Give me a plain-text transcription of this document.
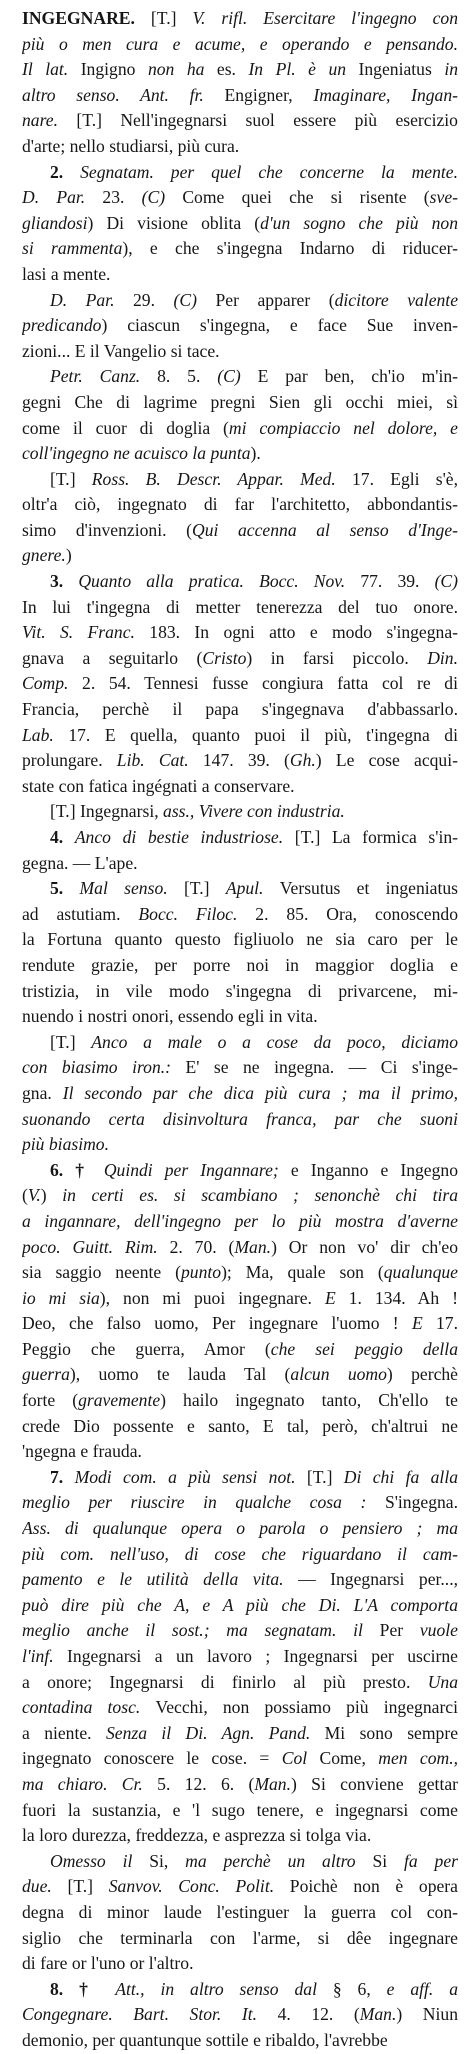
INGEGNARE. [T.] V. rifl. Esercitare l'ingegno con
più o men cura e acume, e operando e pensando.
Il lat. Ingigno non ha es. In Pl. è un Ingeniatus in
altro senso. Ant. fr. Engigner, Imaginare, Ingan-
nare. [T.] Nell'ingegnarsi suol essere più esercizio
d'arte; nello studiarsi, più cura.
2. Segnatam. per quel che concerne la mente.
D. Par. 23. (C) Come quei che si risente (sve-
gliandosi) Di visione oblita (d'un sogno che più non
si rammenta), e che s'ingegna Indarno di riducer-
lasi a mente.
D. Par. 29. (C) Per apparer (dicitore valente
predicando) ciascun s'ingegna, e face Sue inven-
zioni... E il Vangelio si tace.
Petr. Canz. 8. 5. (C) E par ben, ch'io m'in-
gegni Che di lagrime pregni Sien gli occhi miei, sì
come il cuor di doglia (mi compiaccio nel dolore, e
coll'ingegno ne acuisco la punta).
[T.] Ross. B. Descr. Appar. Med. 17. Egli s'è,
oltr'a ciò, ingegnato di far l'architetto, abbondantis-
simo d'invenzioni. (Qui accenna al senso d'Inge-
gnere.)
3. Quanto alla pratica. Bocc. Nov. 77. 39. (C)
In lui t'ingegna di metter tenerezza del tuo onore.
Vit. S. Franc. 183. In ogni atto e modo s'ingegna-
gnava a seguitarlo (Cristo) in farsi piccolo. Din.
Comp. 2. 54. Tennesi fusse congiura fatta col re di
Francia, perchè il papa s'ingegnava d'abbassarlo.
Lab. 17. E quella, quanto puoi il più, t'ingegna di
prolungare. Lib. Cat. 147. 39. (Gh.) Le cose acqui-
state con fatica ingégnati a conservare.
[T.] Ingegnarsi, ass., Vivere con industria.
4. Anco di bestie industriose. [T.] La formica s'in-
gegna. — L'ape.
5. Mal senso. [T.] Apul. Versutus et ingeniatus
ad astutiam. Bocc. Filoc. 2. 85. Ora, conoscendo
la Fortuna quanto questo figliuolo ne sia caro per le
rendute grazie, per porre noi in maggior doglia e
tristizia, in vile modo s'ingegna di privarcene, mi-
nuendo i nostri onori, essendo egli in vita.
[T.] Anco a male o a cose da poco, diciamo
con biasimo iron.: E' se ne ingegna. — Ci s'inge-
gna. Il secondo par che dica più cura ; ma il primo,
suonando certa disinvoltura franca, par che suoni
più biasimo.
6. † Quindi per Ingannare; e Inganno e Ingegno
(V.) in certi es. si scambiano ; senonchè chi tira
a ingannare, dell'ingegno per lo più mostra d'averne
poco. Guitt. Rim. 2. 70. (Man.) Or non vo' dir ch'eo
sia saggio neente (punto); Ma, quale son (qualunque
io mi sia), non mi puoi ingegnare. E 1. 134. Ah !
Deo, che falso uomo, Per ingegnare l'uomo ! E 17.
Peggio che guerra, Amor (che sei peggio della
guerra), uomo te lauda Tal (alcun uomo) perchè
forte (gravemente) hailo ingegnato tanto, Ch'ello te
crede Dio possente e santo, E tal, però, ch'altrui ne
'ngegna e frauda.
7. Modi com. a più sensi not. [T.] Di chi fa alla
meglio per riuscire in qualche cosa : S'ingegna.
Ass. di qualunque opera o parola o pensiero ; ma
più com. nell'uso, di cose che riguardano il cam-
pamento e le utilità della vita. — Ingegnarsi per...,
può dire più che A, e A più che Di. L'A comporta
meglio anche il sost.; ma segnatam. il Per vuole
l'inf. Ingegnarsi a un lavoro ; Ingegnarsi per uscirne
a onore; Ingegnarsi di finirlo al più presto. Una
contadina tosc. Vecchi, non possiamo più ingegnarci
a niente. Senza il Di. Agn. Pand. Mi sono sempre
ingegnato conoscere le cose. = Col Come, men com.,
ma chiaro. Cr. 5. 12. 6. (Man.) Si conviene gettar
fuori la sustanzia, e 'l sugo tenere, e ingegnarsi come
la loro durezza, freddezza, e asprezza si tolga via.
Omesso il Si, ma perchè un altro Si fa per
due. [T.] Sanvov. Conc. Polit. Poichè non è opera
degna di minor laude l'estinguer la guerra col con-
siglio che terminarla con l'arme, si dêe ingegnare
di fare or l'uno or l'altro.
8. † Att., in altro senso dal § 6, e aff. a
Congegnare. Bart. Stor. It. 4. 12. (Man.) Niun
demonio, per quantunque sottile e ribaldo, l'avrebbe
